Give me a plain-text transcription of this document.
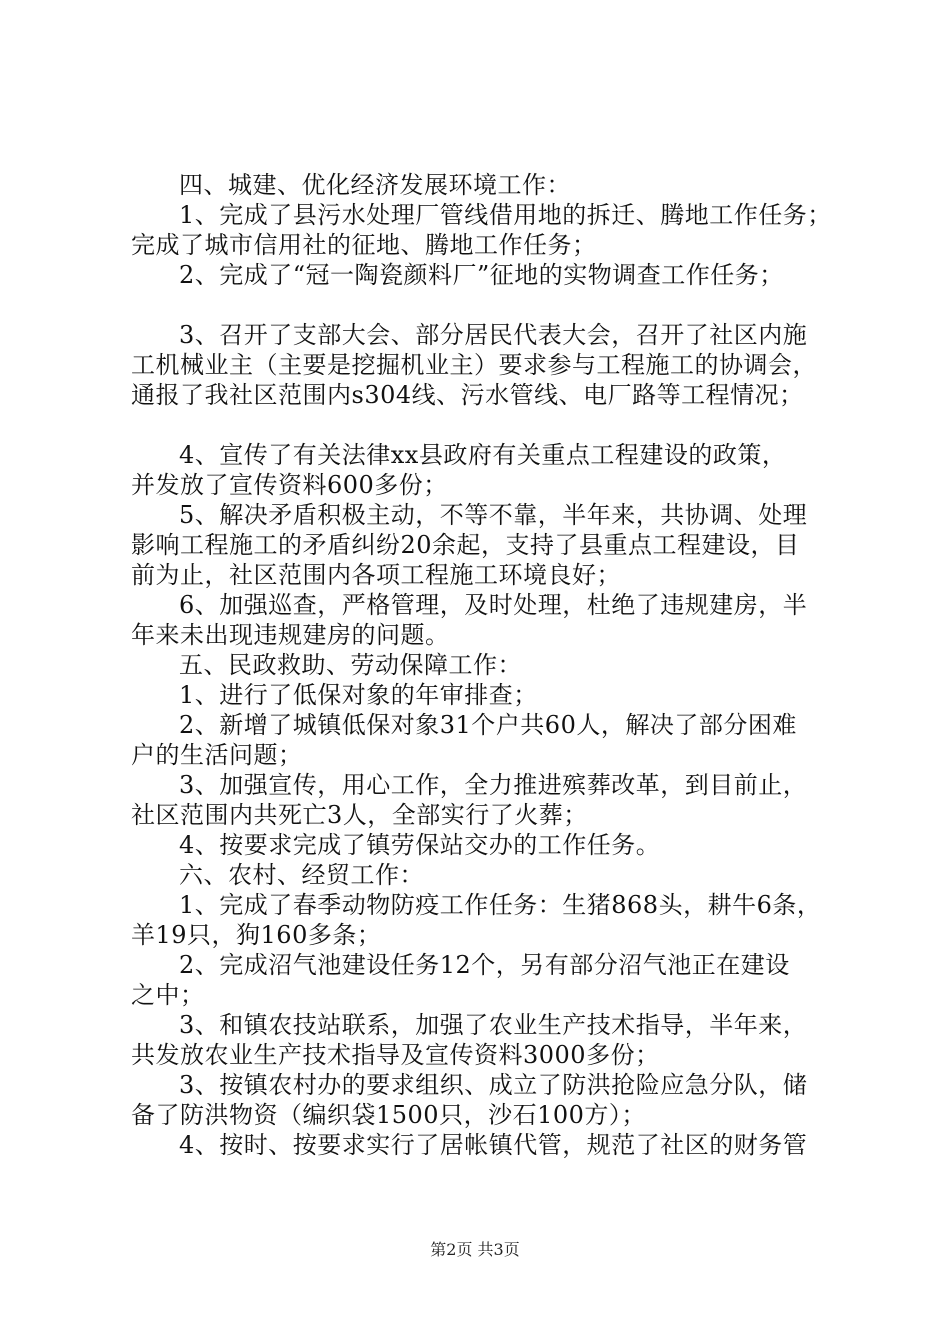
四、城建、优化经济发展环境工作：
1、完成了县污水处理厂管线借用地的拆迁、腾地工作任务；
完成了城市信用社的征地、腾地工作任务；
2、完成了“冠一陶瓷颜料厂”征地的实物调查工作任务；
3、召开了支部大会、部分居民代表大会，召开了社区内施
工机械业主（主要是挖掘机业主）要求参与工程施工的协调会，
通报了我社区范围内s304线、污水管线、电厂路等工程情况；
4、宣传了有关法律xx县政府有关重点工程建设的政策，
并发放了宣传资料600多份；
5、解决矛盾积极主动，不等不靠，半年来，共协调、处理
影响工程施工的矛盾纠纷20余起，支持了县重点工程建设，目
前为止，社区范围内各项工程施工环境良好；
6、加强巡查，严格管理，及时处理，杜绝了违规建房，半
年来未出现违规建房的问题。
五、民政救助、劳动保障工作：
1、进行了低保对象的年审排查；
2、新增了城镇低保对象31个户共60人，解决了部分困难
户的生活问题；
3、加强宣传，用心工作，全力推进殡葬改革，到目前止，
社区范围内共死亡3人，全部实行了火葬；
4、按要求完成了镇劳保站交办的工作任务。
六、农村、经贸工作：
1、完成了春季动物防疫工作任务：生猪868头，耕牛6条，
羊19只，狗160多条；
2、完成沼气池建设任务12个，另有部分沼气池正在建设
之中；
3、和镇农技站联系，加强了农业生产技术指导，半年来，
共发放农业生产技术指导及宣传资料3000多份；
3、按镇农村办的要求组织、成立了防洪抢险应急分队，储
备了防洪物资（编织袋1500只，沙石100方）；
4、按时、按要求实行了居帐镇代管，规范了社区的财务管
第2页 共3页
